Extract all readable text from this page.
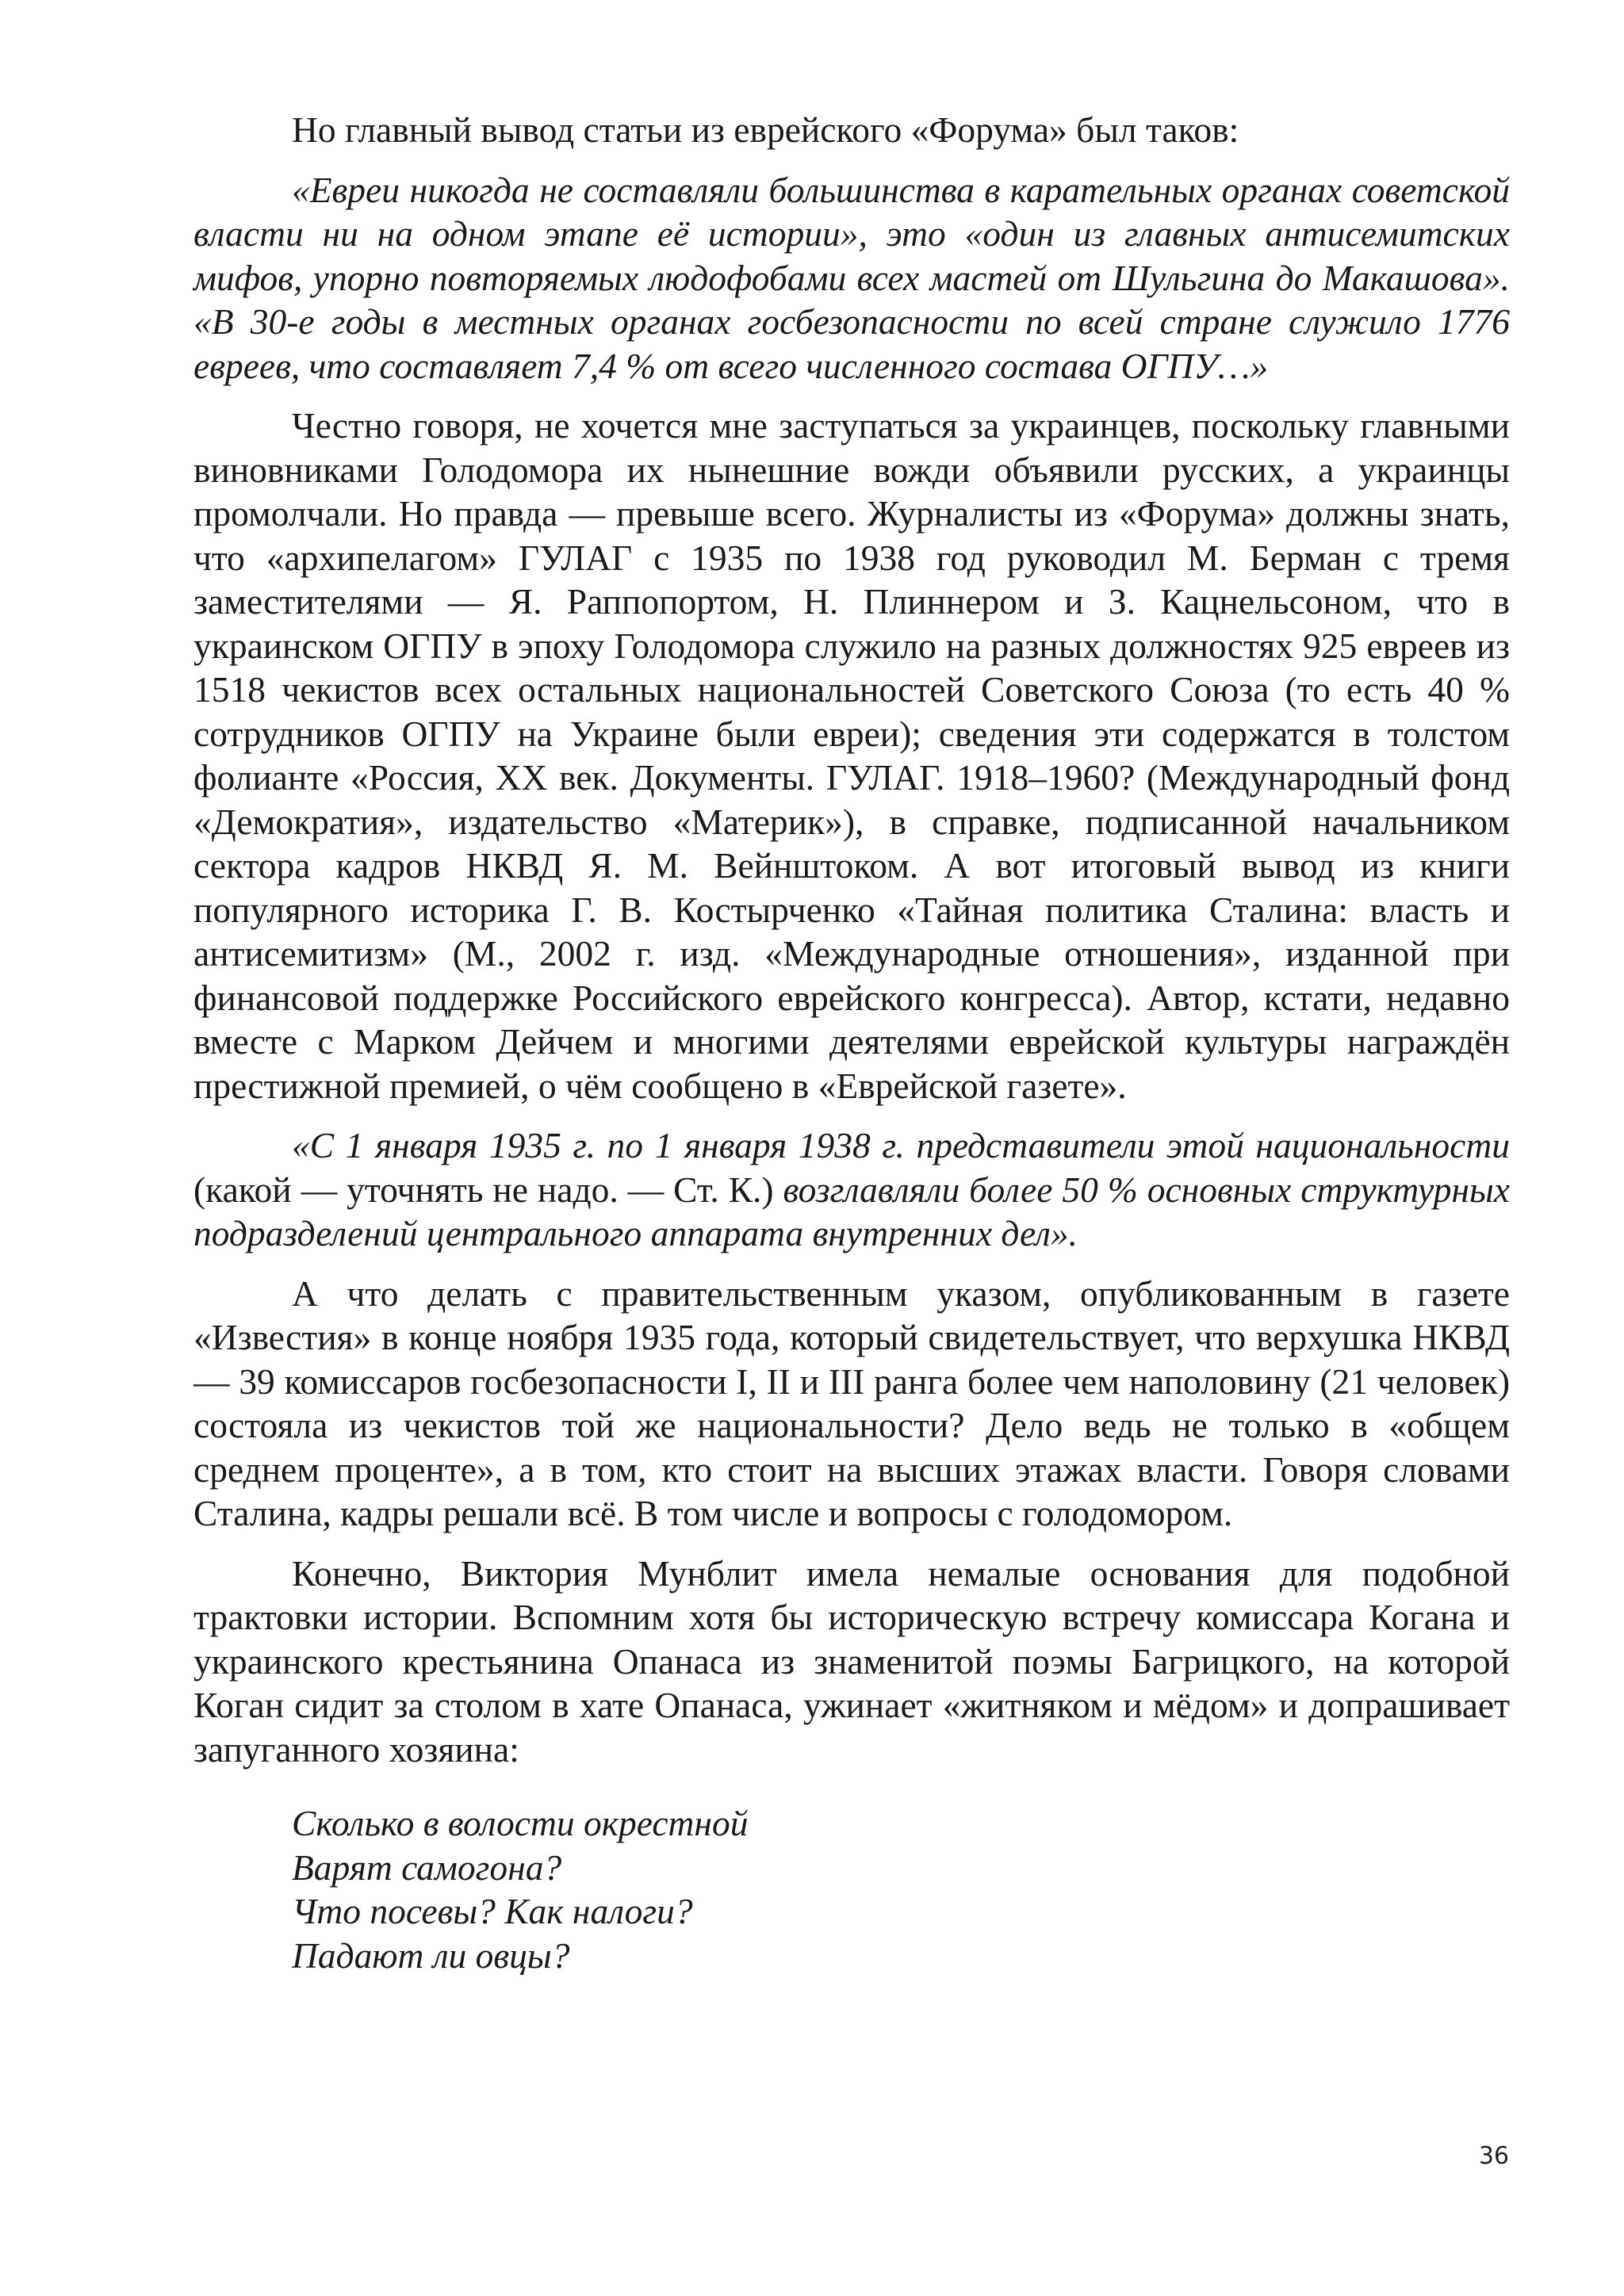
Но главный вывод статьи из еврейского «Форума» был таков:

«Евреи никогда не составляли большинства в карательных органах советской власти ни на одном этапе её истории», это «один из главных антисемитских мифов, упорно повторяемых людофобами всех мастей от Шульгина до Макашова». «В 30-е годы в местных органах госбезопасности по всей стране служило 1776 евреев, что составляет 7,4 % от всего численного состава ОГПУ…»

Честно говоря, не хочется мне заступаться за украинцев, поскольку главными виновниками Голодомора их нынешние вожди объявили русских, а украинцы промолчали. Но правда — превыше всего. Журналисты из «Форума» должны знать, что «архипелагом» ГУЛАГ с 1935 по 1938 год руководил М. Берман с тремя заместителями — Я. Раппопортом, Н. Плиннером и З. Кацнельсоном, что в украинском ОГПУ в эпоху Голодомора служило на разных должностях 925 евреев из 1518 чекистов всех остальных национальностей Советского Союза (то есть 40 % сотрудников ОГПУ на Украине были евреи); сведения эти содержатся в толстом фолианте «Россия, XX век. Документы. ГУЛАГ. 1918–1960? (Международный фонд «Демократия», издательство «Материк»), в справке, подписанной начальником сектора кадров НКВД Я. М. Вейнштоком. А вот итоговый вывод из книги популярного историка Г. В. Костырченко «Тайная политика Сталина: власть и антисемитизм» (М., 2002 г. изд. «Международные отношения», изданной при финансовой поддержке Российского еврейского конгресса). Автор, кстати, недавно вместе с Марком Дейчем и многими деятелями еврейской культуры награждён престижной премией, о чём сообщено в «Еврейской газете».

«С 1 января 1935 г. по 1 января 1938 г. представители этой национальности (какой — уточнять не надо. — Ст. К.) возглавляли более 50 % основных структурных подразделений центрального аппарата внутренних дел».

А что делать с правительственным указом, опубликованным в газете «Известия» в конце ноября 1935 года, который свидетельствует, что верхушка НКВД — 39 комиссаров госбезопасности I, II и III ранга более чем наполовину (21 человек) состояла из чекистов той же национальности? Дело ведь не только в «общем среднем проценте», а в том, кто стоит на высших этажах власти. Говоря словами Сталина, кадры решали всё. В том числе и вопросы с голодомором.

Конечно, Виктория Мунблит имела немалые основания для подобной трактовки истории. Вспомним хотя бы историческую встречу комиссара Когана и украинского крестьянина Опанаса из знаменитой поэмы Багрицкого, на которой Коган сидит за столом в хате Опанаса, ужинает «житняком и мёдом» и допрашивает запуганного хозяина:

Сколько в волости окрестной
Варят самогона?
Что посевы? Как налоги?
Падают ли овцы?
36
